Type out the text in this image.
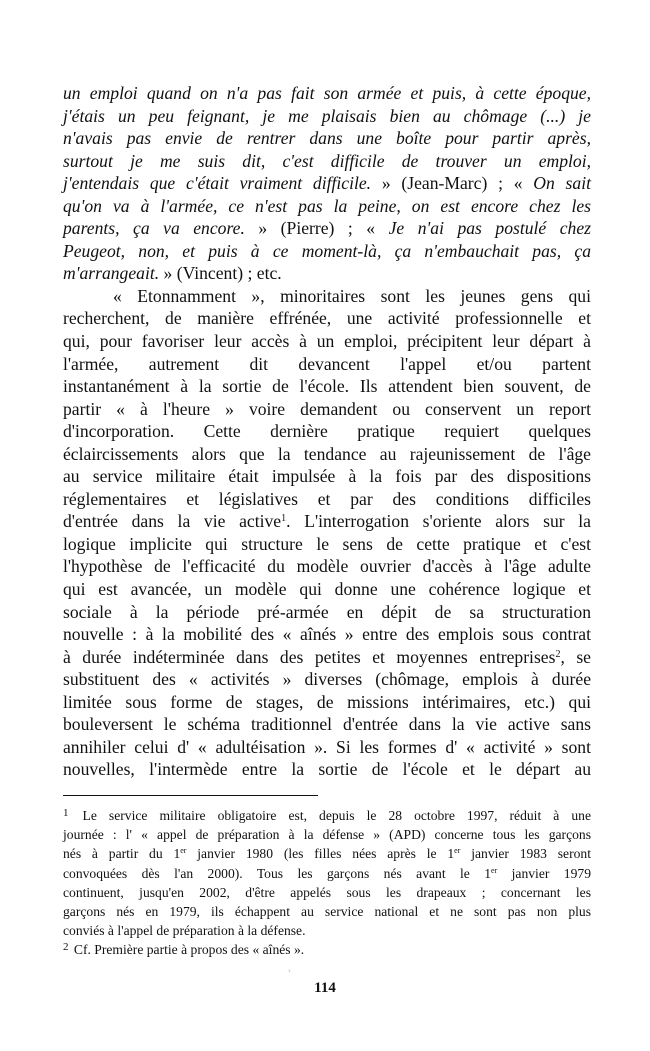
un emploi quand on n'a pas fait son armée et puis, à cette époque,
j'étais un peu feignant, je me plaisais bien au chômage (...) je
n'avais pas envie de rentrer dans une boîte pour partir après,
surtout je me suis dit, c'est difficile de trouver un emploi,
j'entendais que c'était vraiment difficile. » (Jean-Marc) ; « On sait
qu'on va à l'armée, ce n'est pas la peine, on est encore chez les
parents, ça va encore. » (Pierre) ; « Je n'ai pas postulé chez
Peugeot, non, et puis à ce moment-là, ça n'embauchait pas, ça
m'arrangeait. » (Vincent) ; etc.
« Etonnamment », minoritaires sont les jeunes gens qui
recherchent, de manière effrénée, une activité professionnelle et
qui, pour favoriser leur accès à un emploi, précipitent leur départ à
l'armée, autrement dit devancent l'appel et/ou partent
instantanément à la sortie de l'école. Ils attendent bien souvent, de
partir « à l'heure » voire demandent ou conservent un report
d'incorporation. Cette dernière pratique requiert quelques
éclaircissements alors que la tendance au rajeunissement de l'âge
au service militaire était impulsée à la fois par des dispositions
réglementaires et législatives et par des conditions difficiles
d'entrée dans la vie active$^1$. L'interrogation s'oriente alors sur la
logique implicite qui structure le sens de cette pratique et c'est
l'hypothèse de l'efficacité du modèle ouvrier d'accès à l'âge adulte
qui est avancée, un modèle qui donne une cohérence logique et
sociale à la période pré-armée en dépit de sa structuration
nouvelle : à la mobilité des « aînés » entre des emplois sous contrat
à durée indéterminée dans des petites et moyennes entreprises$^2$, se
substituent des « activités » diverses (chômage, emplois à durée
limitée sous forme de stages, de missions intérimaires, etc.) qui
bouleversent le schéma traditionnel d'entrée dans la vie active sans
annihiler celui d' « adultéisation ». Si les formes d' « activité » sont
nouvelles, l'intermède entre la sortie de l'école et le départ au
$^1$ Le service militaire obligatoire est, depuis le 28 octobre 1997, réduit à une
journée : l' « appel de préparation à la défense » (APD) concerne tous les garçons
nés à partir du 1er janvier 1980 (les filles nées après le 1er janvier 1983 seront
convoquées dès l'an 2000). Tous les garçons nés avant le 1er janvier 1979
continuent, jusqu'en 2002, d'être appelés sous les drapeaux ; concernant les
garçons nés en 1979, ils échappent au service national et ne sont pas non plus
conviés à l'appel de préparation à la défense.
$^2$ Cf. Première partie à propos des « aînés ».
›
114
